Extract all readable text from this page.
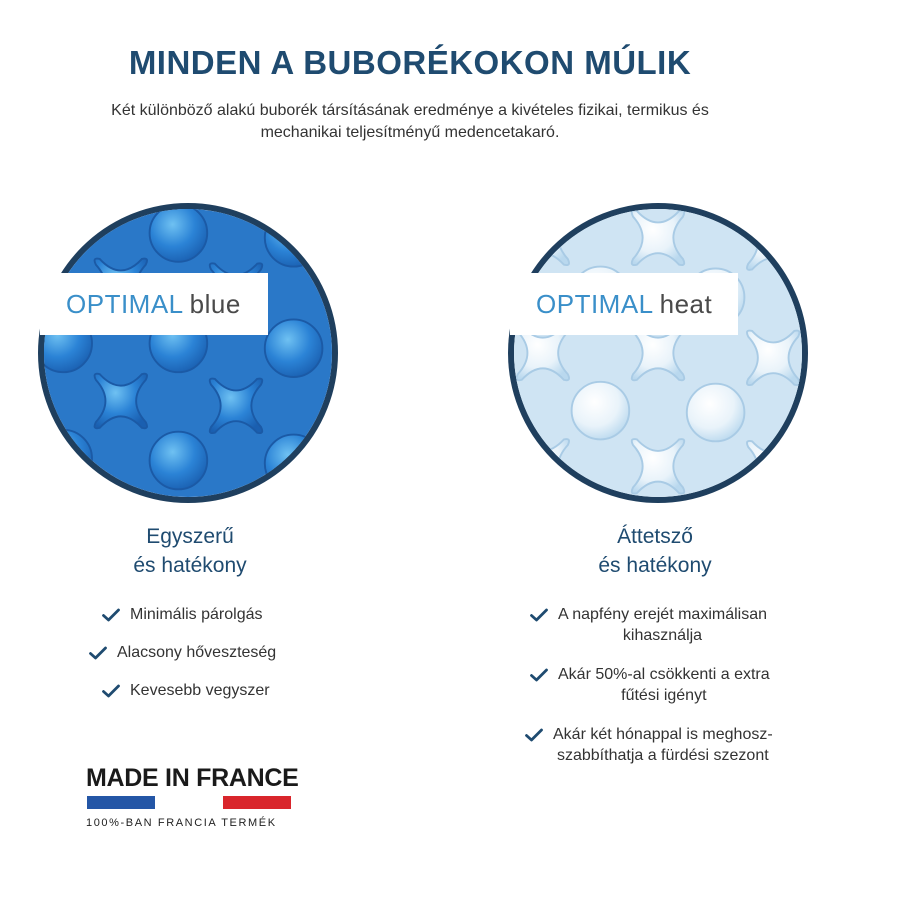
MINDEN A BUBORÉKOKON MÚLIK
Két különböző alakú buborék társításának eredménye a kivételes fizikai, termikus és
mechanikai teljesítményű medencetakaró.
OPTIMAL blue	OPTIMAL heat
Egyszerű
és hatékony
Áttetsző
és hatékony
Minimális párolgás
Alacsony hőveszteség
Kevesebb vegyszer
A napfény erejét maximálisan
kihasználja
Akár 50%-al csökkenti a extra
fűtési igényt
Akár két hónappal is meghosz-
szabbíthatja a fürdési szezont
MADE IN FRANCE
100%-BAN FRANCIA TERMÉK
